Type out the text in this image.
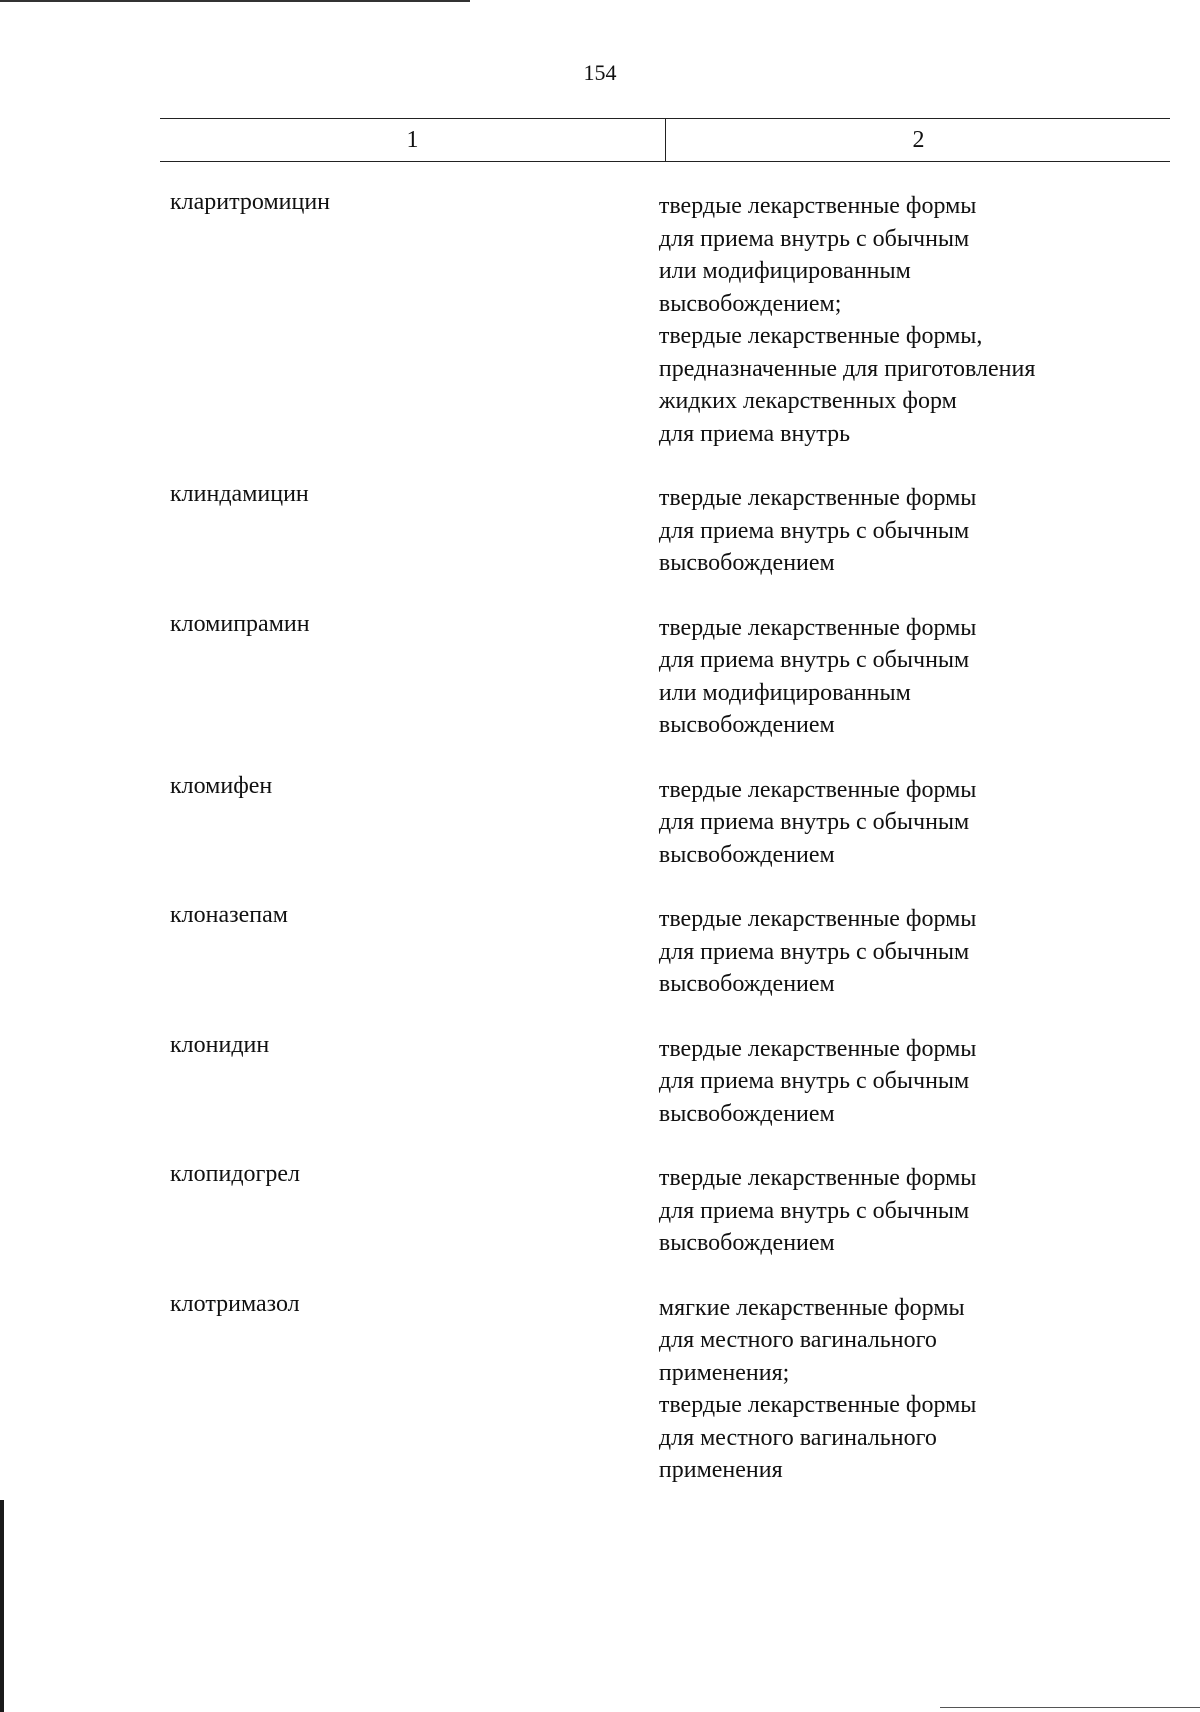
154
1	2
кларитромицин	твердые лекарственные формы
для приема внутрь с обычным
или модифицированным
высвобождением;
твердые лекарственные формы,
предназначенные для приготовления
жидких лекарственных форм
для приема внутрь
клиндамицин	твердые лекарственные формы
для приема внутрь с обычным
высвобождением
кломипрамин	твердые лекарственные формы
для приема внутрь с обычным
или модифицированным
высвобождением
кломифен	твердые лекарственные формы
для приема внутрь с обычным
высвобождением
клоназепам	твердые лекарственные формы
для приема внутрь с обычным
высвобождением
клонидин	твердые лекарственные формы
для приема внутрь с обычным
высвобождением
клопидогрел	твердые лекарственные формы
для приема внутрь с обычным
высвобождением
клотримазол	мягкие лекарственные формы
для местного вагинального
применения;
твердые лекарственные формы
для местного вагинального
применения
